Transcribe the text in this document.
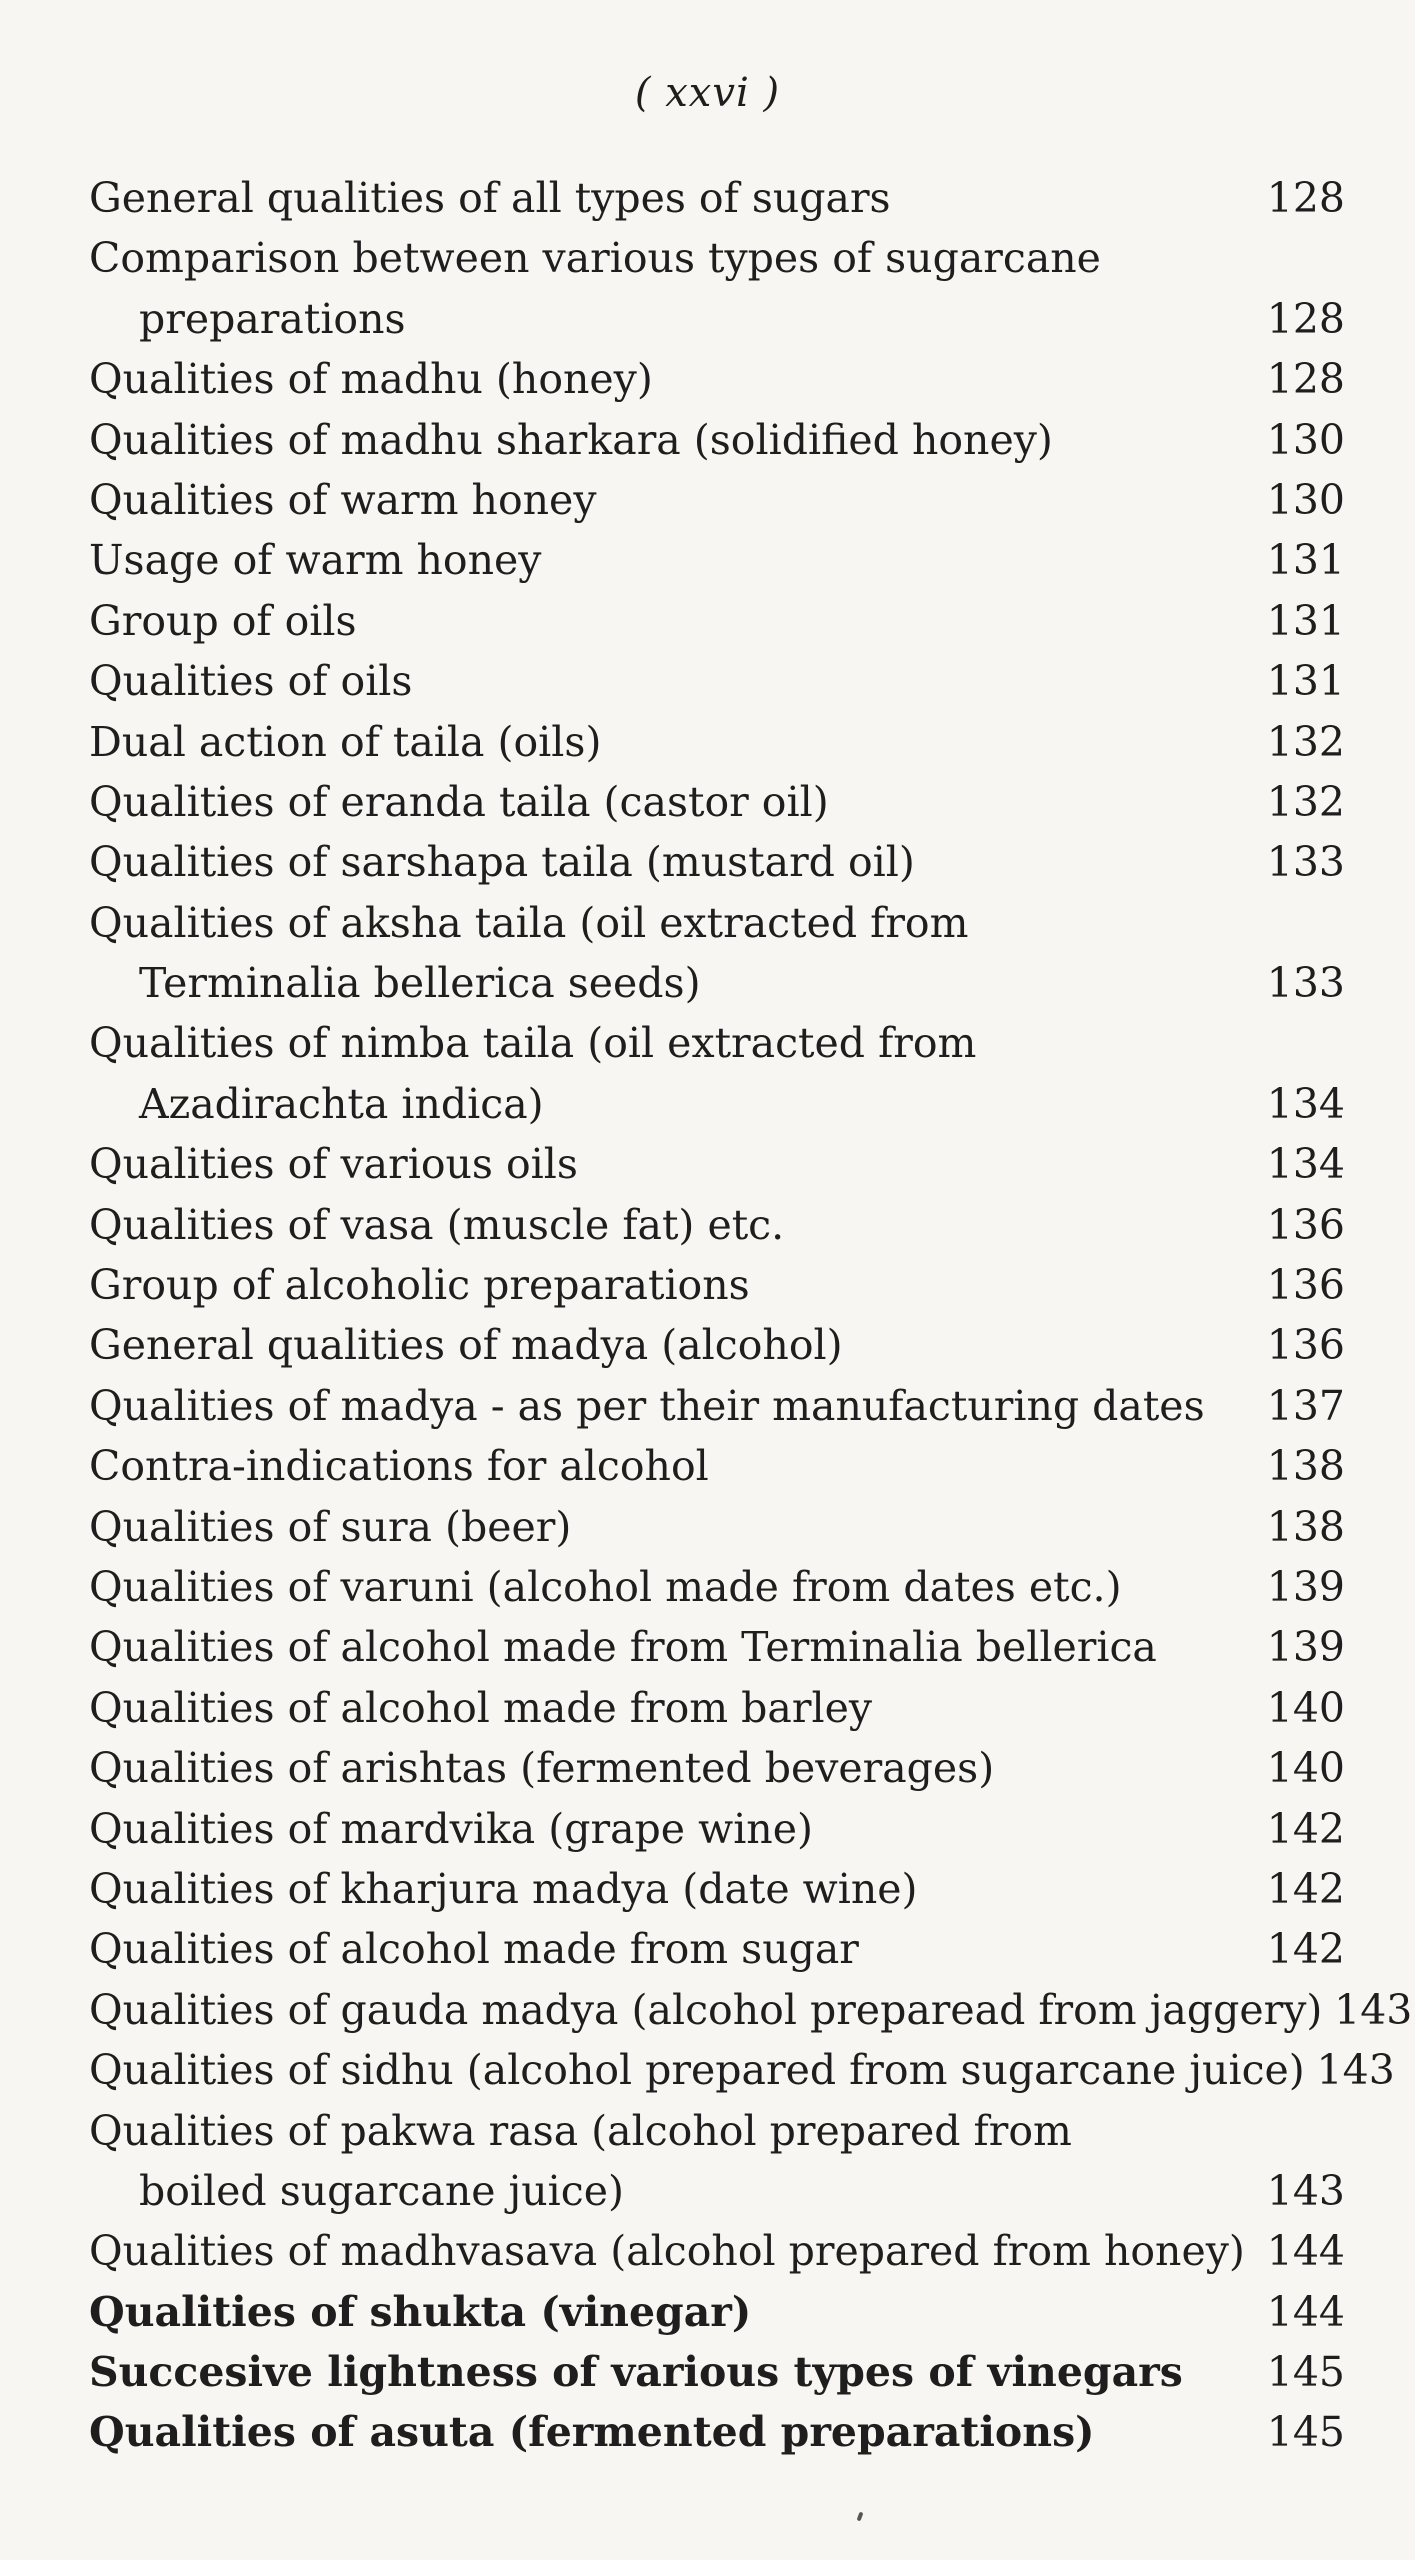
( xxvi )
General qualities of all types of sugars	128
Comparison between various types of sugarcane
preparations	128
Qualities of madhu (honey)	128
Qualities of madhu sharkara (solidified honey)	130
Qualities of warm honey	130
Usage of warm honey	131
Group of oils	131
Qualities of oils	131
Dual action of taila (oils)	132
Qualities of eranda taila (castor oil)	132
Qualities of sarshapa taila (mustard oil)	133
Qualities of aksha taila (oil extracted from
Terminalia bellerica seeds)	133
Qualities of nimba taila (oil extracted from
Azadirachta indica)	134
Qualities of various oils	134
Qualities of vasa (muscle fat) etc.	136
Group of alcoholic preparations	136
General qualities of madya (alcohol)	136
Qualities of madya - as per their manufacturing dates 137
Contra-indications for alcohol	138
Qualities of sura (beer)	138
Qualities of varuni (alcohol made from dates etc.)	139
Qualities of alcohol made from Terminalia bellerica	139
Qualities of alcohol made from barley	140
Qualities of arishtas (fermented beverages)	140
Qualities of mardvika (grape wine)	142
Qualities of kharjura madya (date wine)	142
Qualities of alcohol made from sugar	142
Qualities of gauda madya (alcohol preparead from jaggery) 143
Qualities of sidhu (alcohol prepared from sugarcane juice) 143
Qualities of pakwa rasa (alcohol prepared from
boiled sugarcane juice)	143
Qualities of madhvasava (alcohol prepared from honey) 144
Qualities of shukta (vinegar)	144
Succesive lightness of various types of vinegars 145
Qualities of asuta (fermented preparations)	145
